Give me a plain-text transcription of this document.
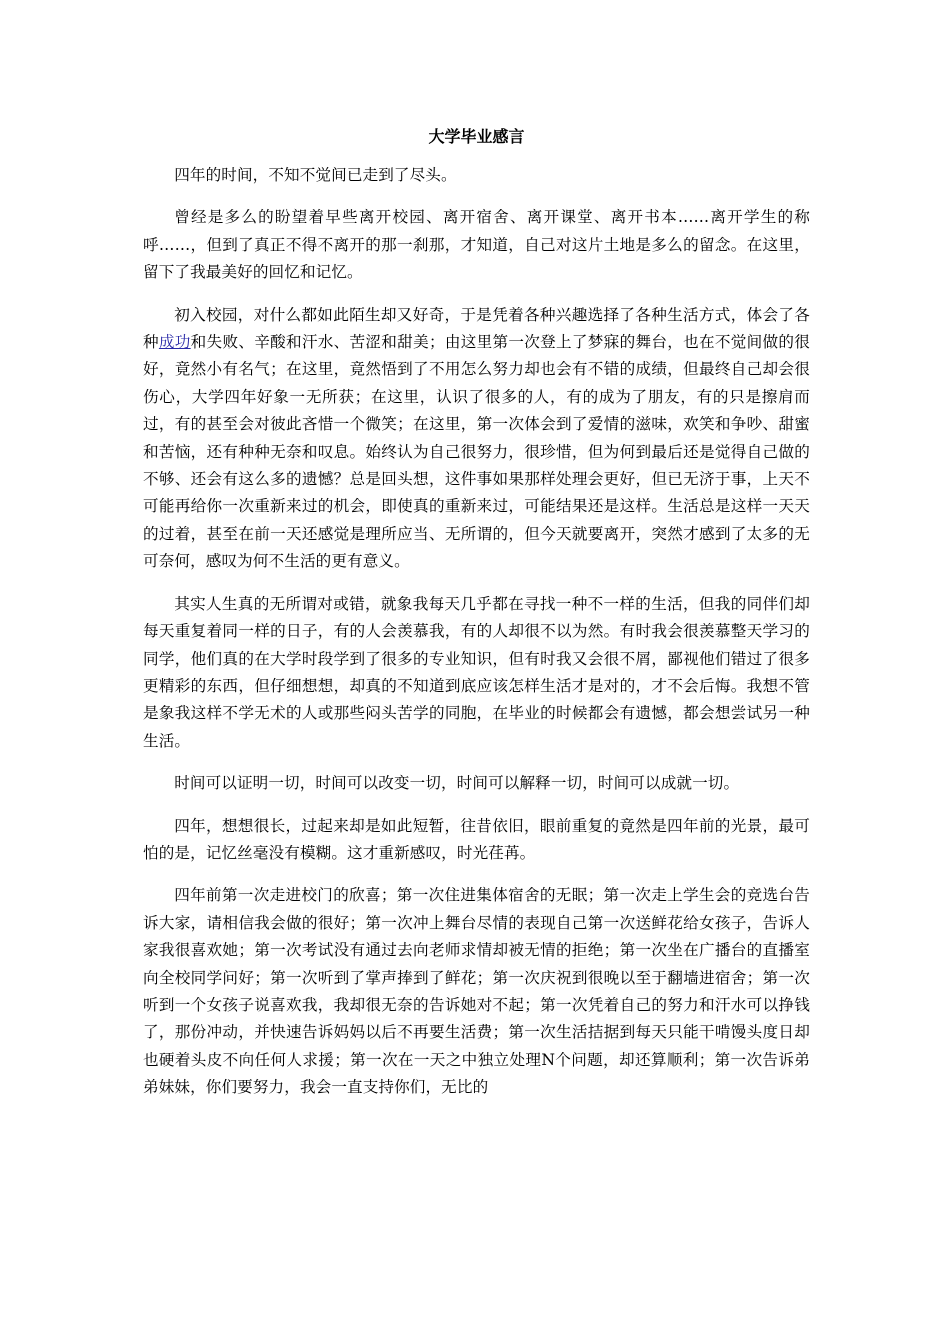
大学毕业感言

四年的时间，不知不觉间已走到了尽头。

曾经是多么的盼望着早些离开校园、离开宿舍、离开课堂、离开书本……离开学生的称呼……，但到了真正不得不离开的那一刹那，才知道，自己对这片土地是多么的留念。在这里，留下了我最美好的回忆和记忆。

初入校园，对什么都如此陌生却又好奇，于是凭着各种兴趣选择了各种生活方式，体会了各种成功和失败、辛酸和汗水、苦涩和甜美；由这里第一次登上了梦寐的舞台，也在不觉间做的很好，竟然小有名气；在这里，竟然悟到了不用怎么努力却也会有不错的成绩，但最终自己却会很伤心，大学四年好象一无所获；在这里，认识了很多的人，有的成为了朋友，有的只是擦肩而过，有的甚至会对彼此吝惜一个微笑；在这里，第一次体会到了爱情的滋味，欢笑和争吵、甜蜜和苦恼，还有种种无奈和叹息。始终认为自己很努力，很珍惜，但为何到最后还是觉得自己做的不够、还会有这么多的遗憾？总是回头想，这件事如果那样处理会更好，但已无济于事，上天不可能再给你一次重新来过的机会，即使真的重新来过，可能结果还是这样。生活总是这样一天天的过着，甚至在前一天还感觉是理所应当、无所谓的，但今天就要离开，突然才感到了太多的无可奈何，感叹为何不生活的更有意义。

其实人生真的无所谓对或错，就象我每天几乎都在寻找一种不一样的生活，但我的同伴们却每天重复着同一样的日子，有的人会羡慕我，有的人却很不以为然。有时我会很羡慕整天学习的同学，他们真的在大学时段学到了很多的专业知识，但有时我又会很不屑，鄙视他们错过了很多更精彩的东西，但仔细想想，却真的不知道到底应该怎样生活才是对的，才不会后悔。我想不管是象我这样不学无术的人或那些闷头苦学的同胞，在毕业的时候都会有遗憾，都会想尝试另一种生活。

时间可以证明一切，时间可以改变一切，时间可以解释一切，时间可以成就一切。

四年，想想很长，过起来却是如此短暂，往昔依旧，眼前重复的竟然是四年前的光景，最可怕的是，记忆丝毫没有模糊。这才重新感叹，时光荏苒。

四年前第一次走进校门的欣喜；第一次住进集体宿舍的无眠；第一次走上学生会的竞选台告诉大家，请相信我会做的很好；第一次冲上舞台尽情的表现自己第一次送鲜花给女孩子，告诉人家我很喜欢她；第一次考试没有通过去向老师求情却被无情的拒绝；第一次坐在广播台的直播室向全校同学问好；第一次听到了掌声捧到了鲜花；第一次庆祝到很晚以至于翻墙进宿舍；第一次听到一个女孩子说喜欢我，我却很无奈的告诉她对不起；第一次凭着自己的努力和汗水可以挣钱了，那份冲动，并快速告诉妈妈以后不再要生活费；第一次生活拮据到每天只能干啃馒头度日却也硬着头皮不向任何人求援；第一次在一天之中独立处理N个问题，却还算顺利；第一次告诉弟弟妹妹，你们要努力，我会一直支持你们，无比的
